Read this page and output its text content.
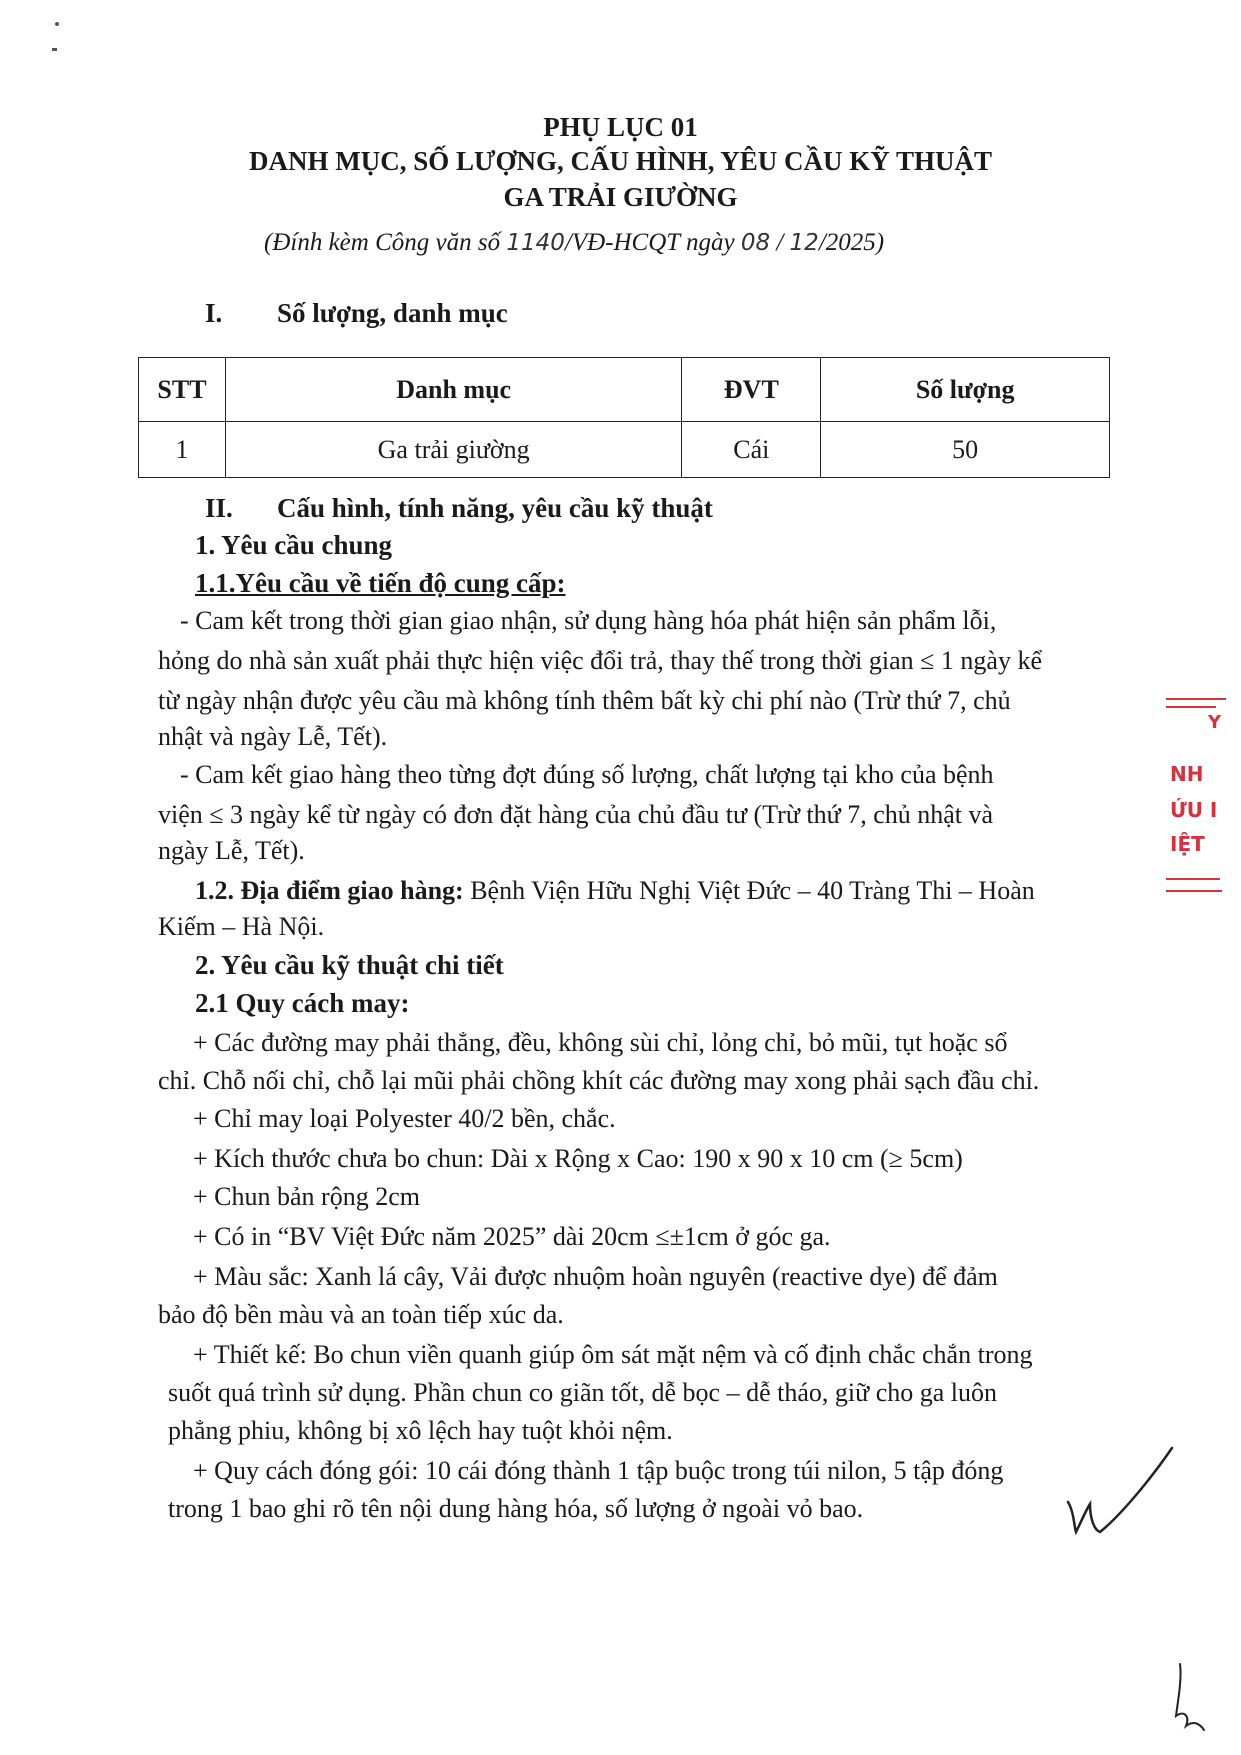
PHỤ LỤC 01
DANH MỤC, SỐ LƯỢNG, CẤU HÌNH, YÊU CẦU KỸ THUẬT
GA TRẢI GIƯỜNG
(Đính kèm Công văn số 1140/VĐ-HCQT ngày 08 / 12/2025)
I. Số lượng, danh mục
STT	Danh mục	ĐVT	Số lượng
1	Ga trải giường	Cái	50
II. Cấu hình, tính năng, yêu cầu kỹ thuật
1. Yêu cầu chung
1.1.Yêu cầu về tiến độ cung cấp:
- Cam kết trong thời gian giao nhận, sử dụng hàng hóa phát hiện sản phẩm lỗi,
hỏng do nhà sản xuất phải thực hiện việc đổi trả, thay thế trong thời gian ≤ 1 ngày kể
từ ngày nhận được yêu cầu mà không tính thêm bất kỳ chi phí nào (Trừ thứ 7, chủ
nhật và ngày Lễ, Tết).
- Cam kết giao hàng theo từng đợt đúng số lượng, chất lượng tại kho của bệnh
viện ≤ 3 ngày kể từ ngày có đơn đặt hàng của chủ đầu tư (Trừ thứ 7, chủ nhật và
ngày Lễ, Tết).
1.2. Địa điểm giao hàng: Bệnh Viện Hữu Nghị Việt Đức – 40 Tràng Thi – Hoàn
Kiếm – Hà Nội.
2. Yêu cầu kỹ thuật chi tiết
2.1 Quy cách may:
+ Các đường may phải thẳng, đều, không sùi chỉ, lỏng chỉ, bỏ mũi, tụt hoặc sổ
chỉ. Chỗ nối chỉ, chỗ lại mũi phải chồng khít các đường may xong phải sạch đầu chỉ.
+ Chỉ may loại Polyester 40/2 bền, chắc.
+ Kích thước chưa bo chun: Dài x Rộng x Cao: 190 x 90 x 10 cm (≥ 5cm)
+ Chun bản rộng 2cm
+ Có in “BV Việt Đức năm 2025” dài 20cm ≤±1cm ở góc ga.
+ Màu sắc: Xanh lá cây, Vải được nhuộm hoàn nguyên (reactive dye) để đảm
bảo độ bền màu và an toàn tiếp xúc da.
+ Thiết kế: Bo chun viền quanh giúp ôm sát mặt nệm và cố định chắc chắn trong
suốt quá trình sử dụng. Phần chun co giãn tốt, dễ bọc – dễ tháo, giữ cho ga luôn
phẳng phiu, không bị xô lệch hay tuột khỏi nệm.
+ Quy cách đóng gói: 10 cái đóng thành 1 tập buộc trong túi nilon, 5 tập đóng
trong 1 bao ghi rõ tên nội dung hàng hóa, số lượng ở ngoài vỏ bao.
Y
NH
ỨU I
IỆT
